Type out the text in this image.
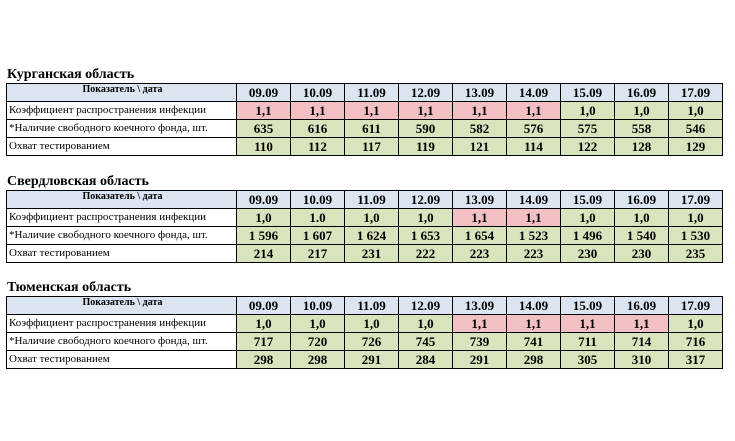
Курганская область
Показатель \ дата	09.09	10.09	11.09	12.09	13.09	14.09	15.09	16.09	17.09
Коэффициент распространения инфекции	1,1	1,1	1,1	1,1	1,1	1,1	1,0	1,0	1,0
*Наличие свободного коечного фонда, шт.	635	616	611	590	582	576	575	558	546
Охват тестированием	110	112	117	119	121	114	122	128	129
Свердловская область
Показатель \ дата	09.09	10.09	11.09	12.09	13.09	14.09	15.09	16.09	17.09
Коэффициент распространения инфекции	1,0	1.0	1,0	1,0	1,1	1,1	1,0	1,0	1,0
*Наличие свободного коечного фонда, шт.	1 596	1 607	1 624	1 653	1 654	1 523	1 496	1 540	1 530
Охват тестированием	214	217	231	222	223	223	230	230	235
Тюменская область
Показатель \ дата	09.09	10.09	11.09	12.09	13.09	14.09	15.09	16.09	17.09
Коэффициент распространения инфекции	1,0	1,0	1,0	1,0	1,1	1,1	1,1	1,1	1,0
*Наличие свободного коечного фонда, шт.	717	720	726	745	739	741	711	714	716
Охват тестированием	298	298	291	284	291	298	305	310	317
